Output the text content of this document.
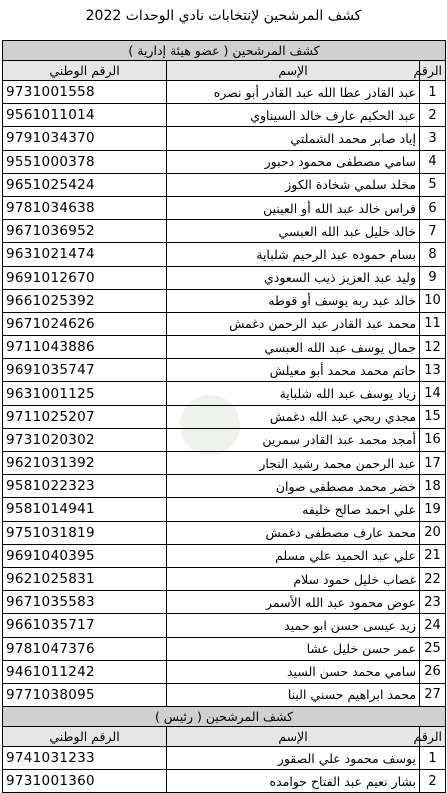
كشف المرشحين لإنتخابات نادي الوحدات 2022
كشف المرشحين ( عضو هيئة إدارية )		
الرقم	الإسم	الرقم الوطني
1	عبد القادر عطا الله عبد القادر أبو نصره	9731001558
2	عبد الحكيم عارف خالد السيناوي	9561011014
3	إياد صابر محمد الشملتي	9791034370
4	سامي مصطفى محمود دحبور	9551000378
5	مخلد سلمي شخادة الكوز	9651025424
6	فراس خالد عبد الله أو العينين	9781034638
7	خالد خليل عبد الله العبسي	9671036952
8	بسام حموده عبد الرحيم شلباية	9631021474
9	وليد عبد العزيز ذيب السعودي	9691012670
10	خالد عبد ربه يوسف أو قوطه	9661025392
11	محمد عبد القادر عبد الرحمن دغمش	9671024626
12	جمال يوسف عبد الله العبسي	9711043886
13	حاتم محمد محمد أبو معيلش	9691035747
14	زياد يوسف عبد الله شلباية	9631001125
15	مجدي ربحي عبد الله دغمش	9711025207
16	أمجد محمد عبد القادر سمرين	9731020302
17	عبد الرحمن محمد رشيد النجار	9621031392
18	خضر محمد مصطفى صوان	9581022323
19	علي احمد صالح خليفه	9581014941
20	محمد عارف مصطفى دغمش	9751031819
21	علي عبد الحميد علي مسلم	9691040395
22	غصاب خليل حمود سلام	9621025831
23	عوض محمود عبد الله الأسمر	9671035583
24	زيد عيسى حسن ابو حميد	9661035717
25	عمر حسن خليل عشا	9781047376
26	سامي محمد حسن السيد	9461011242
27	محمد ابراهيم حسني البنا	9771038095
كشف المرشحين ( رئيس )		
الرقم	الإسم	الرقم الوطني
1	يوسف محمود علي الصقور	9741031233
2	بشار نعيم عبد الفتاح حوامده	9731001360
